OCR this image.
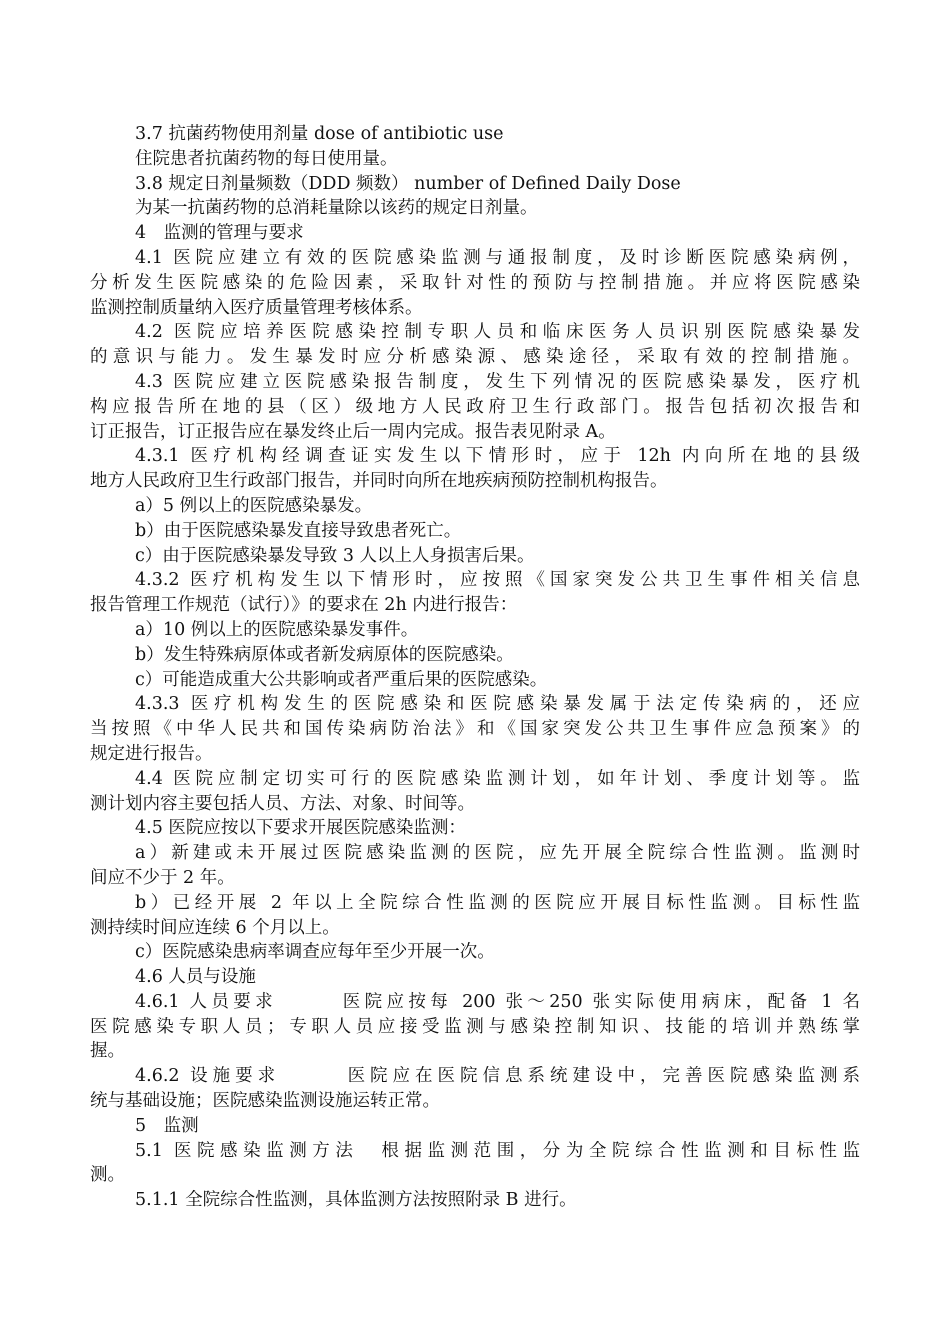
3.7 抗菌药物使用剂量 dose of antibiotic use
住院患者抗菌药物的每日使用量。
3.8 规定日剂量频数（DDD 频数） number of Defined Daily Dose
为某一抗菌药物的总消耗量除以该药的规定日剂量。
4　监测的管理与要求
4.1 医院应建立有效的医院感染监测与通报制度，及时诊断医院感染病例，
分析发生医院感染的危险因素，采取针对性的预防与控制措施。并应将医院感染
监测控制质量纳入医疗质量管理考核体系。
4.2 医院应培养医院感染控制专职人员和临床医务人员识别医院感染暴发
的意识与能力。发生暴发时应分析感染源、感染途径，采取有效的控制措施。
4.3 医院应建立医院感染报告制度，发生下列情况的医院感染暴发，医疗机
构应报告所在地的县（区）级地方人民政府卫生行政部门。报告包括初次报告和
订正报告，订正报告应在暴发终止后一周内完成。报告表见附录 A。
4.3.1 医疗机构经调查证实发生以下情形时，应于 12h 内向所在地的县级
地方人民政府卫生行政部门报告，并同时向所在地疾病预防控制机构报告。
a）5 例以上的医院感染暴发。
b）由于医院感染暴发直接导致患者死亡。
c）由于医院感染暴发导致 3 人以上人身损害后果。
4.3.2 医疗机构发生以下情形时，应按照《国家突发公共卫生事件相关信息
报告管理工作规范（试行）》的要求在 2h 内进行报告：
a）10 例以上的医院感染暴发事件。
b）发生特殊病原体或者新发病原体的医院感染。
c）可能造成重大公共影响或者严重后果的医院感染。
4.3.3 医疗机构发生的医院感染和医院感染暴发属于法定传染病的，还应
当按照《中华人民共和国传染病防治法》和《国家突发公共卫生事件应急预案》的
规定进行报告。
4.4 医院应制定切实可行的医院感染监测计划，如年计划、季度计划等。监
测计划内容主要包括人员、方法、对象、时间等。
4.5 医院应按以下要求开展医院感染监测：
a）新建或未开展过医院感染监测的医院，应先开展全院综合性监测。监测时
间应不少于 2 年。
b）已经开展 2 年以上全院综合性监测的医院应开展目标性监测。目标性监
测持续时间应连续 6 个月以上。
c）医院感染患病率调查应每年至少开展一次。
4.6 人员与设施
4.6.1 人员要求　　　医院应按每 200 张～250 张实际使用病床，配备 1 名
医院感染专职人员；专职人员应接受监测与感染控制知识、技能的培训并熟练掌
握。
4.6.2 设施要求　　　医院应在医院信息系统建设中，完善医院感染监测系
统与基础设施；医院感染监测设施运转正常。
5　监测
5.1 医院感染监测方法　根据监测范围，分为全院综合性监测和目标性监
测。
5.1.1 全院综合性监测，具体监测方法按照附录 B 进行。
